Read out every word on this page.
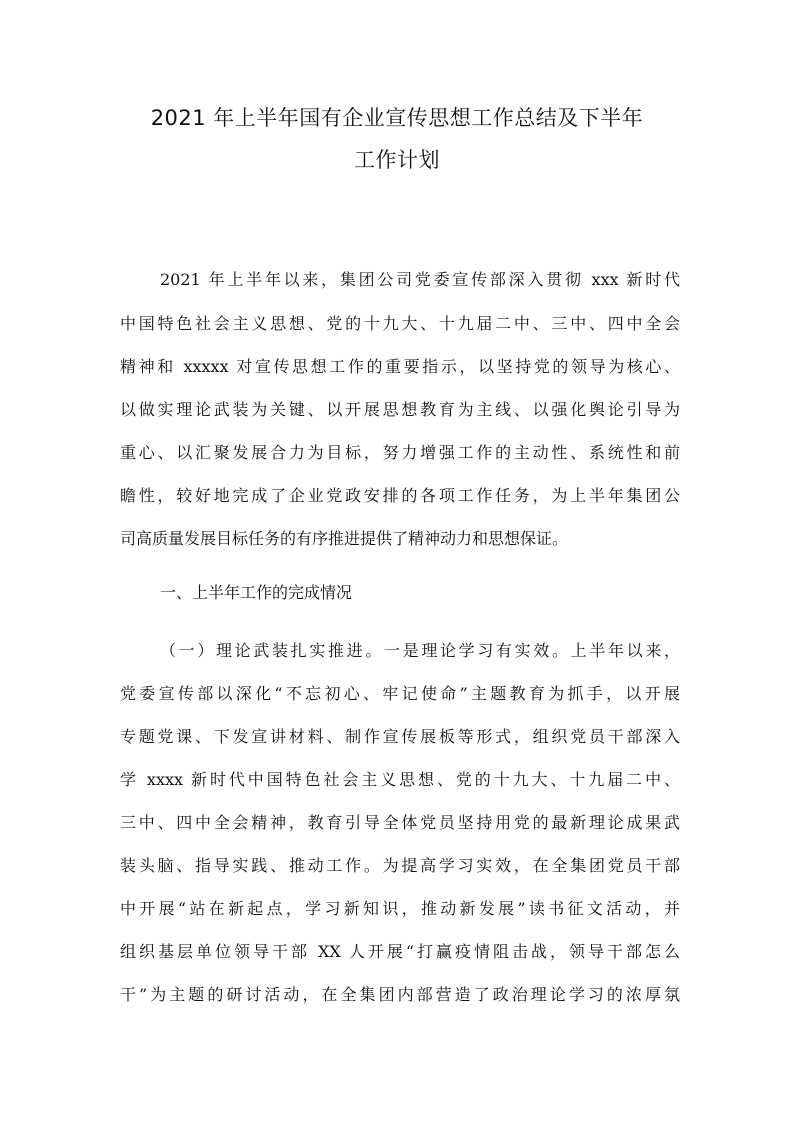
2021 年上半年国有企业宣传思想工作总结及下半年
工作计划
2021 年上半年以来，集团公司党委宣传部深入贯彻 xxx 新时代
中国特色社会主义思想、党的十九大、十九届二中、三中、四中全会
精神和 xxxxx 对宣传思想工作的重要指示，以坚持党的领导为核心、
以做实理论武装为关键、以开展思想教育为主线、以强化舆论引导为
重心、以汇聚发展合力为目标，努力增强工作的主动性、系统性和前
瞻性，较好地完成了企业党政安排的各项工作任务，为上半年集团公
司高质量发展目标任务的有序推进提供了精神动力和思想保证。
一、上半年工作的完成情况
（一）理论武装扎实推进。一是理论学习有实效。上半年以来，
党委宣传部以深化“不忘初心、牢记使命”主题教育为抓手，以开展
专题党课、下发宣讲材料、制作宣传展板等形式，组织党员干部深入
学 xxxx 新时代中国特色社会主义思想、党的十九大、十九届二中、
三中、四中全会精神，教育引导全体党员坚持用党的最新理论成果武
装头脑、指导实践、推动工作。为提高学习实效，在全集团党员干部
中开展“站在新起点，学习新知识，推动新发展”读书征文活动，并
组织基层单位领导干部 XX 人开展“打赢疫情阻击战，领导干部怎么
干”为主题的研讨活动，在全集团内部营造了政治理论学习的浓厚氛
